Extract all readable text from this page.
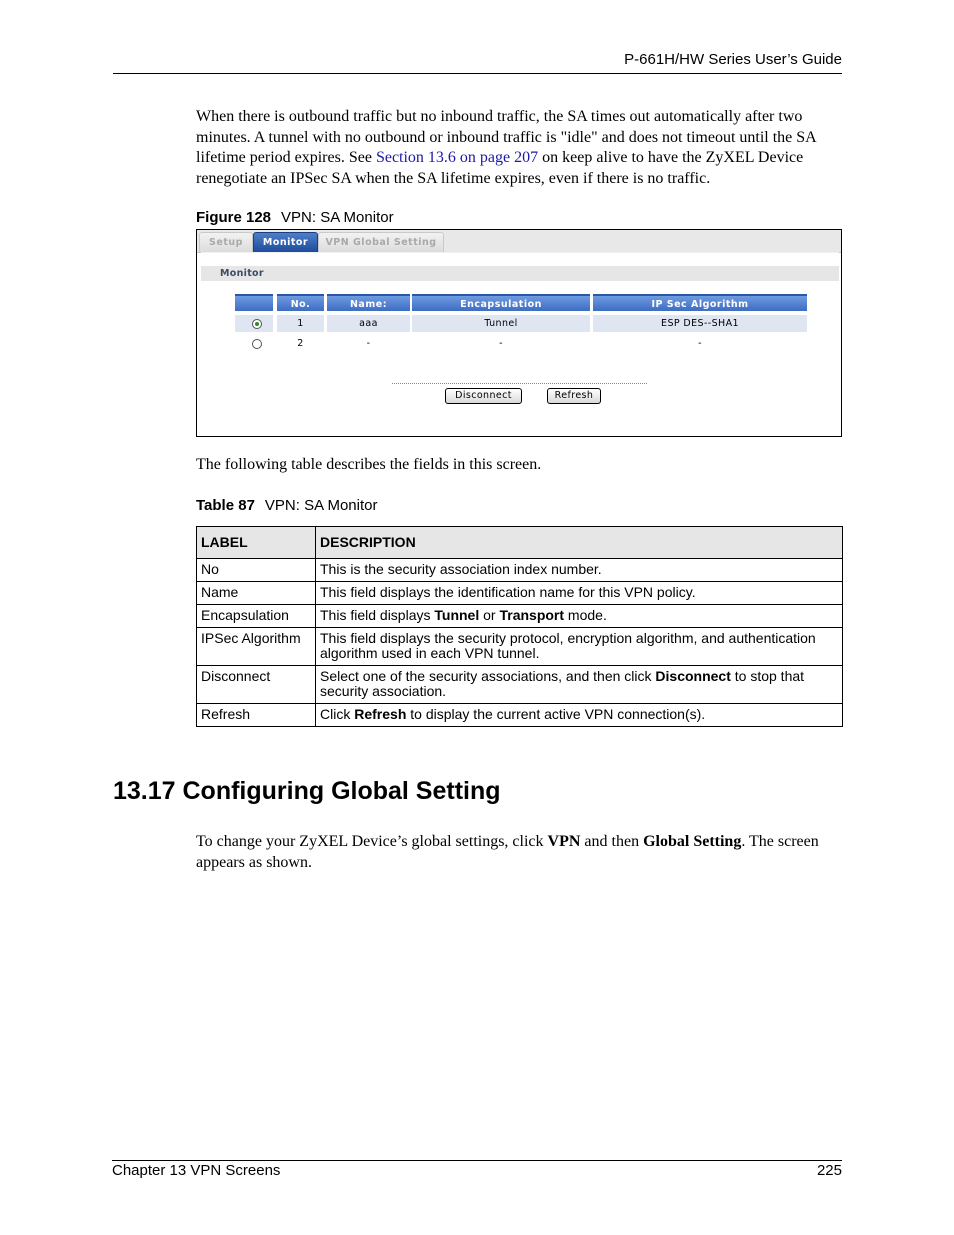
P-661H/HW Series User’s Guide
When there is outbound traffic but no inbound traffic, the SA times out automatically after two minutes. A tunnel with no outbound or inbound traffic is "idle" and does not timeout until the SA lifetime period expires. See Section 13.6 on page 207 on keep alive to have the ZyXEL Device renegotiate an IPSec SA when the SA lifetime expires, even if there is no traffic.
Figure 128 VPN: SA Monitor
Setup	Monitor	VPN Global Setting
Monitor
No.	Name:	Encapsulation	IP Sec Algorithm
1	aaa	Tunnel	ESP DES--SHA1
2	-	-	-
Disconnect	Refresh
The following table describes the fields in this screen.
Table 87 VPN: SA Monitor
LABEL	DESCRIPTION
No	This is the security association index number.
Name	This field displays the identification name for this VPN policy.
Encapsulation	This field displays Tunnel or Transport mode.
IPSec Algorithm	This field displays the security protocol, encryption algorithm, and authentication algorithm used in each VPN tunnel.
Disconnect	Select one of the security associations, and then click Disconnect to stop that security association.
Refresh	Click Refresh to display the current active VPN connection(s).
13.17 Configuring Global Setting
To change your ZyXEL Device’s global settings, click VPN and then Global Setting. The screen appears as shown.
Chapter 13 VPN Screens	225
